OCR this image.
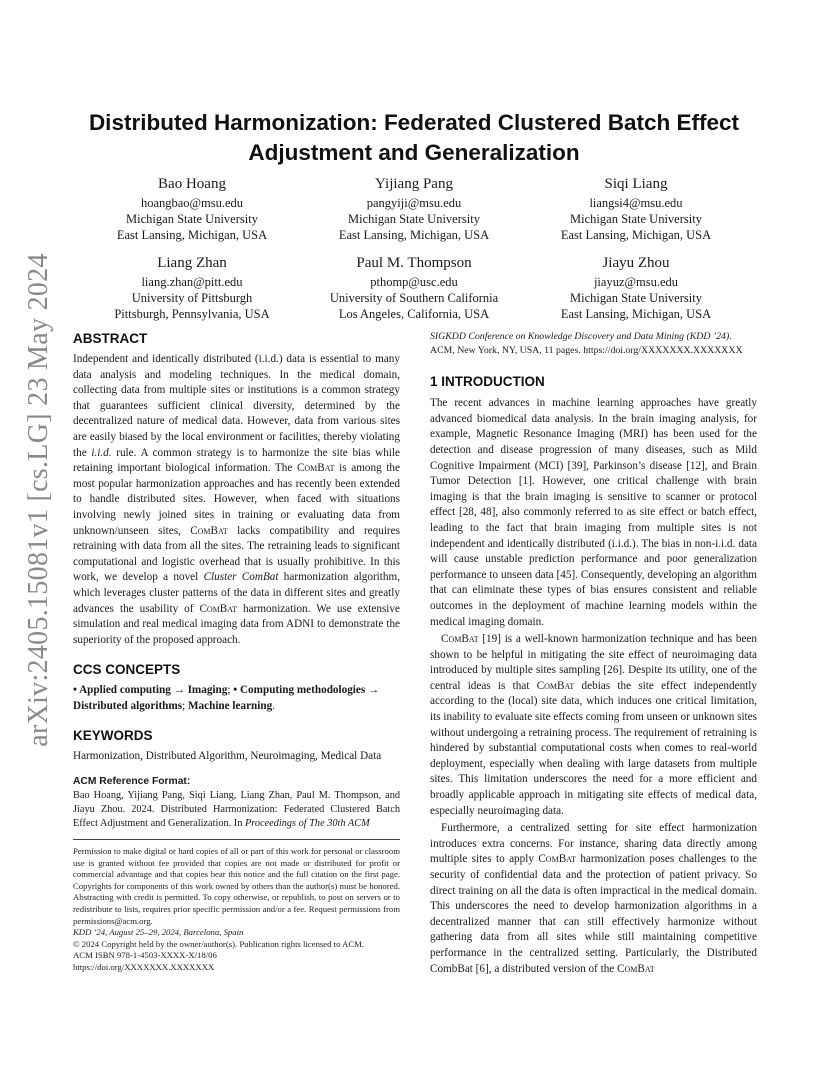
arXiv:2405.15081v1 [cs.LG] 23 May 2024
Distributed Harmonization: Federated Clustered Batch Effect
Adjustment and Generalization
Bao Hoang
hoangbao@msu.edu
Michigan State University
East Lansing, Michigan, USA
Yijiang Pang
pangyiji@msu.edu
Michigan State University
East Lansing, Michigan, USA
Siqi Liang
liangsi4@msu.edu
Michigan State University
East Lansing, Michigan, USA
Liang Zhan
liang.zhan@pitt.edu
University of Pittsburgh
Pittsburgh, Pennsylvania, USA
Paul M. Thompson
pthomp@usc.edu
University of Southern California
Los Angeles, California, USA
Jiayu Zhou
jiayuz@msu.edu
Michigan State University
East Lansing, Michigan, USA
ABSTRACT

Independent and identically distributed (i.i.d.) data is essential to many data analysis and modeling techniques. In the medical domain, collecting data from multiple sites or institutions is a common strategy that guarantees sufficient clinical diversity, determined by the decentralized nature of medical data. However, data from various sites are easily biased by the local environment or facilities, thereby violating the i.i.d. rule. A common strategy is to harmonize the site bias while retaining important biological information. The ComBat is among the most popular harmonization approaches and has recently been extended to handle distributed sites. However, when faced with situations involving newly joined sites in training or evaluating data from unknown/unseen sites, ComBat lacks compatibility and requires retraining with data from all the sites. The retraining leads to significant computational and logistic overhead that is usually prohibitive. In this work, we develop a novel Cluster ComBat harmonization algorithm, which leverages cluster patterns of the data in different sites and greatly advances the usability of ComBat harmonization. We use extensive simulation and real medical imaging data from ADNI to demonstrate the superiority of the proposed approach.

CCS CONCEPTS

• Applied computing → Imaging; • Computing methodologies → Distributed algorithms; Machine learning.

KEYWORDS

Harmonization, Distributed Algorithm, Neuroimaging, Medical Data

ACM Reference Format:

Bao Hoang, Yijiang Pang, Siqi Liang, Liang Zhan, Paul M. Thompson, and Jiayu Zhou. 2024. Distributed Harmonization: Federated Clustered Batch Effect Adjustment and Generalization. In Proceedings of The 30th ACM

Permission to make digital or hard copies of all or part of this work for personal or classroom use is granted without fee provided that copies are not made or distributed for profit or commercial advantage and that copies bear this notice and the full citation on the first page. Copyrights for components of this work owned by others than the author(s) must be honored. Abstracting with credit is permitted. To copy otherwise, or republish, to post on servers or to redistribute to lists, requires prior specific permission and/or a fee. Request permissions from permissions@acm.org.

KDD ’24, August 25–29, 2024, Barcelona, Spain

© 2024 Copyright held by the owner/author(s). Publication rights licensed to ACM.

ACM ISBN 978-1-4503-XXXX-X/18/06

https://doi.org/XXXXXXX.XXXXXXX

SIGKDD Conference on Knowledge Discovery and Data Mining (KDD ’24). ACM, New York, NY, USA, 11 pages. https://doi.org/XXXXXXX.XXXXXXX

1 INTRODUCTION

The recent advances in machine learning approaches have greatly advanced biomedical data analysis. In the brain imaging analysis, for example, Magnetic Resonance Imaging (MRI) has been used for the detection and disease progression of many diseases, such as Mild Cognitive Impairment (MCI) [39], Parkinson’s disease [12], and Brain Tumor Detection [1]. However, one critical challenge with brain imaging is that the brain imaging is sensitive to scanner or protocol effect [28, 48], also commonly referred to as site effect or batch effect, leading to the fact that brain imaging from multiple sites is not independent and identically distributed (i.i.d.). The bias in non-i.i.d. data will cause unstable prediction performance and poor generalization performance to unseen data [45]. Consequently, developing an algorithm that can eliminate these types of bias ensures consistent and reliable outcomes in the deployment of machine learning models within the medical imaging domain.

ComBat [19] is a well-known harmonization technique and has been shown to be helpful in mitigating the site effect of neuroimaging data introduced by multiple sites sampling [26]. Despite its utility, one of the central ideas is that ComBat debias the site effect independently according to the (local) site data, which induces one critical limitation, its inability to evaluate site effects coming from unseen or unknown sites without undergoing a retraining process. The requirement of retraining is hindered by substantial computational costs when comes to real-world deployment, especially when dealing with large datasets from multiple sites. This limitation underscores the need for a more efficient and broadly applicable approach in mitigating site effects of medical data, especially neuroimaging data.

Furthermore, a centralized setting for site effect harmonization introduces extra concerns. For instance, sharing data directly among multiple sites to apply ComBat harmonization poses challenges to the security of confidential data and the protection of patient privacy. So direct training on all the data is often impractical in the medical domain. This underscores the need to develop harmonization algorithms in a decentralized manner that can still effectively harmonize without gathering data from all sites while still maintaining competitive performance in the centralized setting. Particularly, the Distributed CombBat [6], a distributed version of the ComBat
